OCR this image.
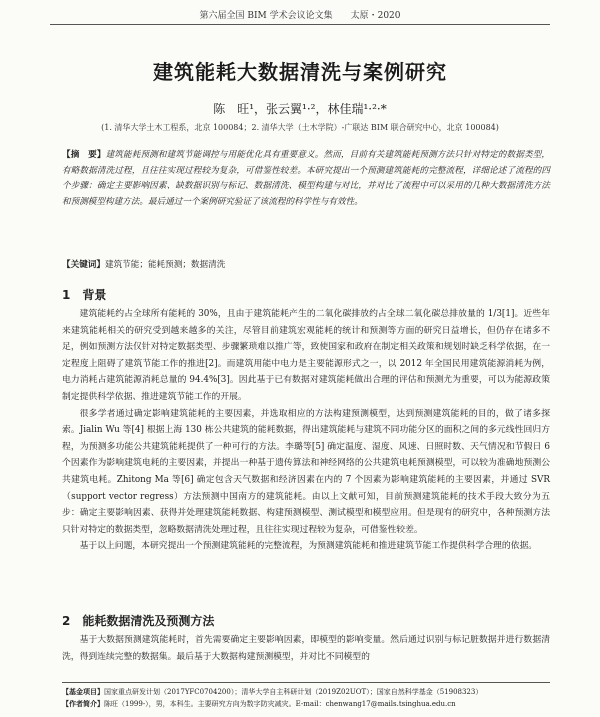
第六届全国 BIM 学术会议论文集　　太原・2020
建筑能耗大数据清洗与案例研究
陈　旺¹，张云翼¹·²，林佳瑞¹·²·*
(1. 清华大学土木工程系，北京 100084；2. 清华大学（土木学院）-广联达 BIM 联合研究中心，北京 100084)
【摘　要】建筑能耗预测和建筑节能调控与用能优化具有重要意义。然而，目前有关建筑能耗预测方法只针对特定的数据类型，有略数据清洗过程，且往往实现过程较为复杂，可借鉴性较差。本研究提出一个预测建筑能耗的完整流程，详细论述了流程的四个步骤：确定主要影响因素、缺数据识别与标记、数据清洗、模型构建与对比，并对比了流程中可以采用的几种大数据清洗方法和预测模型构建方法。最后通过一个案例研究验证了该流程的科学性与有效性。
【关键词】建筑节能；能耗预测；数据清洗
1　背景

建筑能耗约占全球所有能耗的 30%，且由于建筑能耗产生的二氧化碳排放约占全球二氧化碳总排放量的 1/3[1]。近些年来建筑能耗相关的研究受到越来越多的关注，尽管目前建筑宏观能耗的统计和预测等方面的研究日益增长，但仍存在诸多不足，例如预测方法仅针对特定数据类型、步骤繁琐难以推广等，致使国家和政府在制定相关政策和规划时缺乏科学依据，在一定程度上阻碍了建筑节能工作的推进[2]。而建筑用能中电力是主要能源形式之一，以 2012 年全国民用建筑能源消耗为例，电力消耗占建筑能源消耗总量的 94.4%[3]。因此基于已有数据对建筑能耗做出合理的评估和预测尤为重要，可以为能源政策制定提供科学依据、推进建筑节能工作的开展。

很多学者通过确定影响建筑能耗的主要因素，并选取相应的方法构建预测模型，达到预测建筑能耗的目的，做了诸多探索。Jialin Wu 等[4] 根据上海 130 栋公共建筑的能耗数据，得出建筑能耗与建筑不同功能分区的面积之间的多元线性回归方程，为预测多功能公共建筑能耗提供了一种可行的方法。李璐等[5] 确定温度、湿度、风速、日照时数、天气情况和节假日 6 个因素作为影响建筑电耗的主要因素，并提出一种基于遗传算法和神经网络的公共建筑电耗预测模型，可以较为准确地预测公共建筑电耗。Zhitong Ma 等[6] 确定包含天气数据和经济因素在内的 7 个因素为影响建筑能耗的主要因素，并通过 SVR（support vector regress）方法预测中国南方的建筑能耗。由以上文献可知，目前预测建筑能耗的技术手段大致分为五步：确定主要影响因素、获得并处理建筑能耗数据、构建预测模型、测试模型和模型应用。但是现有的研究中，各种预测方法只针对特定的数据类型，忽略数据清洗处理过程，且往往实现过程较为复杂，可借鉴性较差。

基于以上问题，本研究提出一个预测建筑能耗的完整流程，为预测建筑能耗和推进建筑节能工作提供科学合理的依据。

2　能耗数据清洗及预测方法

基于大数据预测建筑能耗时，首先需要确定主要影响因素，即模型的影响变量。然后通过识别与标记脏数据并进行数据清洗，得到连续完整的数据集。最后基于大数据构建预测模型，并对比不同模型的

【基金项目】国家重点研发计划（2017YFC0704200）；清华大学自主科研计划（2019Z02UOT）；国家自然科学基金（51908323）
【作者简介】陈旺（1999-），男，本科生。主要研究方向为数字防灾减灾。E-mail：chenwang17@mails.tsinghua.edu.cn
